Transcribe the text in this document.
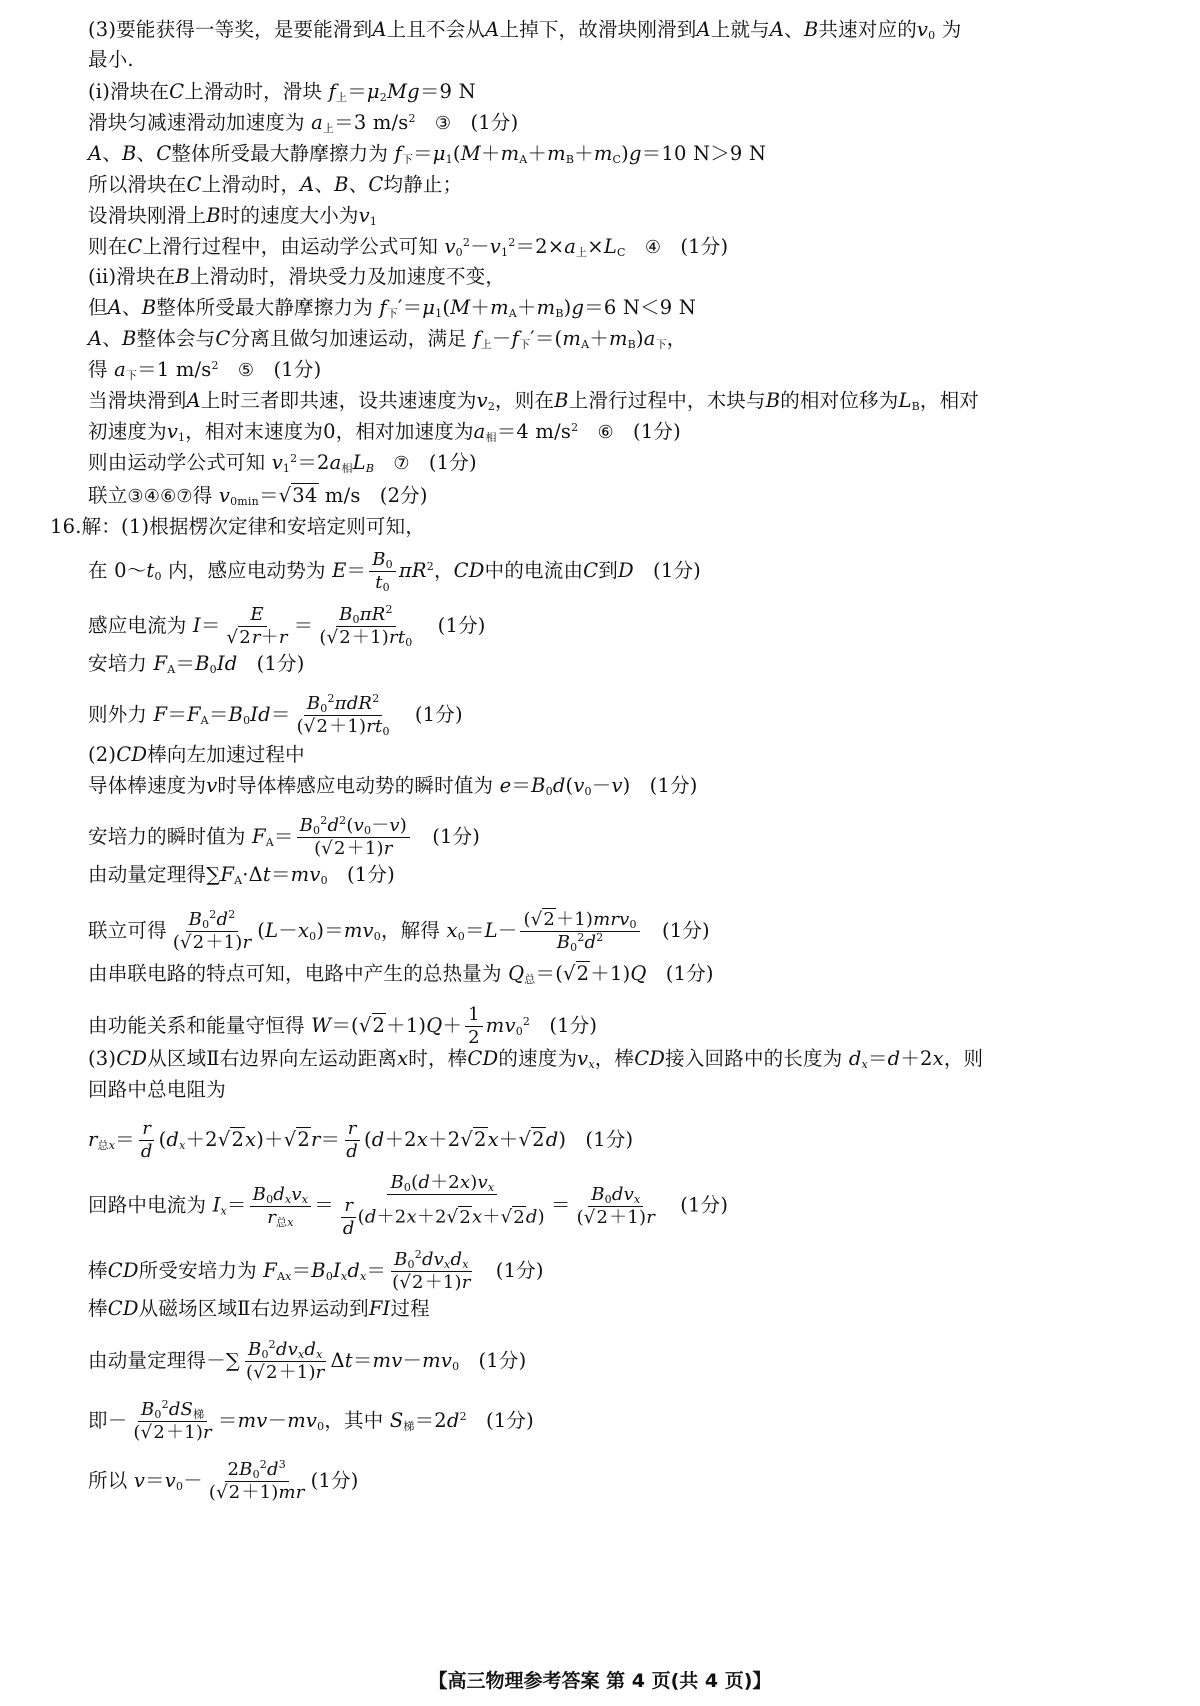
(3)要能获得一等奖，是要能滑到A上且不会从A上掉下，故滑块刚滑到A上就与A、B共速对应的$v_0$ 为
最小.
(ⅰ)滑块在C上滑动时，滑块 $f_上=\mu_2Mg=9$ N
滑块匀减速滑动加速度为 $a_上=3$ $m/s^2$ ③   (1分)
A、B、C整体所受最大静摩擦力为 $f_下=\mu_1(M+m_A+m_B+m_C)g=10$ N＞9 N
所以滑块在C上滑动时，A、B、C均静止；
设滑块刚滑上B时的速度大小为$v_1$
则在C上滑行过程中，由运动学公式可知 $v_0^2-v_1^2=2\times a_上\times L_C$ ④   (1分)
(ⅱ)滑块在B上滑动时，滑块受力及加速度不变，
但A、B整体所受最大静摩擦力为 $f_下'=\mu_1(M+m_A+m_B)g=6$ N＜9 N
A、B整体会与C分离且做匀加速运动，满足 $f_上-f_下'=(m_A+m_B)a_下$，
得 $a_下=1$ $m/s^2$ ⑤   (1分)
当滑块滑到A上时三者即共速，设共速速度为$v_2$，则在B上滑行过程中，木块与B的相对位移为$L_B$，相对
初速度为$v_1$，相对末速度为0，相对加速度为$a_相=4$ $m/s^2$ ⑥   (1分)
则由运动学公式可知 $v_1^2=2a_相L_B$ ⑦   (1分)
联立③④⑥⑦得 $v_{0min}=√34$ m/s   (2分)
16.解：(1)根据楞次定律和安培定则可知，
在 $0\sim t_0$ 内，感应电动势为 $E= \frac{B_0}{t_0} \pi R^2$，CD中的电流由C到D   (1分)
感应电流为 $I= \frac{E}{√2r+r} = \frac{B_0\pi R^2}{(√2+1)rt_0} (1$分)
安培力 $F_A=B_0Id$   (1分)
则外力 $F=F_A=B_0Id= \frac{B_0^2\pi dR^2}{(√2+1)rt_0} (1$分)
(2)CD棒向左加速过程中
导体棒速度为v时导体棒感应电动势的瞬时值为 $e=B_0d(v_0-v)$   (1分)
安培力的瞬时值为 $F_A= \frac{B_0^2d^2(v_0-v)}{(√2+1)r} (1$分)
由动量定理得$\sum F_A\cdot\Delta t=mv_0$   (1分)
联立可得 $\frac{B_0^2d^2}{(√2+1)r} (L-x_0)=mv_0$，解得 $x_0=L- \frac{(√2+1)mrv_0}{B_0^2d^2} (1$分)
由串联电路的特点可知，电路中产生的总热量为 $Q_总=(√2+1)Q$   (1分)
由功能关系和能量守恒得 $W=(√2+1)Q+ \frac{1}{2} mv_0^2$   (1分)
(3)CD从区域Ⅱ右边界向左运动距离x时，棒CD的速度为$v_x$，棒CD接入回路中的长度为 $d_x=d+2x$，则
回路中总电阻为
$r_{总x}= \frac{r}{d} (d_x+2√2x)+√2r= \frac{r}{d} (d+2x+2√2x+√2d)$   (1分)
回路中电流为 $I_x= \frac{B_0d_xv_x}{r_{总x}} = \frac{B_0(d+2x)v_x}{\frac{r}{d} (d+2x+2√2x+√2d)} = \frac{B_0dv_x}{(√2+1)r} (1$分)
棒CD所受安培力为 $F_{Ax}=B_0I_xd_x= \frac{B_0^2dv_xd_x}{(√2+1)r} (1$分)
棒CD从磁场区域Ⅱ右边界运动到FI过程
由动量定理得－∑ $\frac{B_0^2dv_xd_x}{(√2+1)r} \Delta t=mv-mv_0$   (1分)
即－ $\frac{B_0^2dS_梯}{(√2+1)r} =mv-mv_0$，其中 $S_梯=2d^2$   (1分)
所以 $v=v_0- \frac{2B_0^2d^3}{(√2+1)mr} (1$分)
【高三物理参考答案 第 4 页(共 4 页)】
